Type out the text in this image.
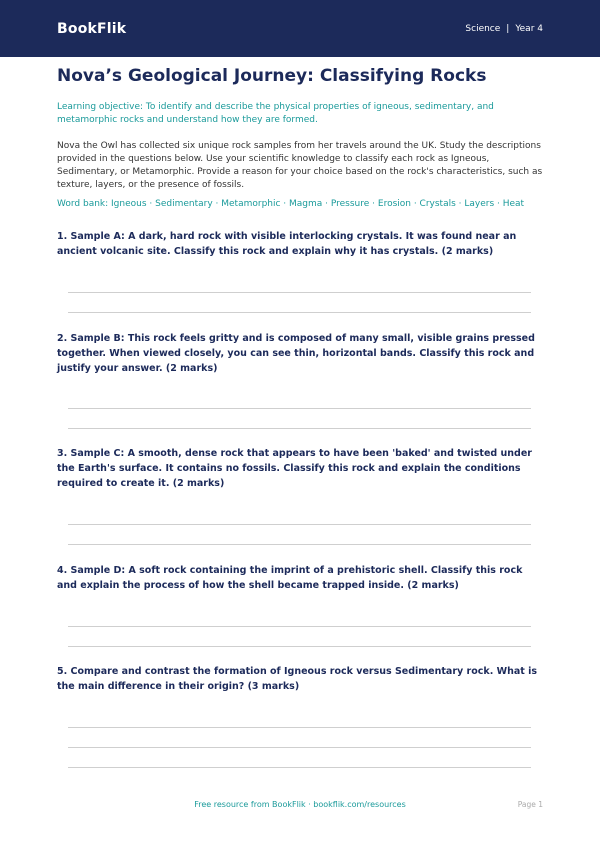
BookFlik	Science | Year 4
Nova’s Geological Journey: Classifying Rocks
Learning objective: To identify and describe the physical properties of igneous, sedimentary, and metamorphic rocks and understand how they are formed.
Nova the Owl has collected six unique rock samples from her travels around the UK. Study the descriptions provided in the questions below. Use your scientific knowledge to classify each rock as Igneous, Sedimentary, or Metamorphic. Provide a reason for your choice based on the rock's characteristics, such as texture, layers, or the presence of fossils.
Word bank: Igneous · Sedimentary · Metamorphic · Magma · Pressure · Erosion · Crystals · Layers · Heat
1. Sample A: A dark, hard rock with visible interlocking crystals. It was found near an ancient volcanic site. Classify this rock and explain why it has crystals. (2 marks)
2. Sample B: This rock feels gritty and is composed of many small, visible grains pressed together. When viewed closely, you can see thin, horizontal bands. Classify this rock and justify your answer. (2 marks)
3. Sample C: A smooth, dense rock that appears to have been 'baked' and twisted under the Earth's surface. It contains no fossils. Classify this rock and explain the conditions required to create it. (2 marks)
4. Sample D: A soft rock containing the imprint of a prehistoric shell. Classify this rock and explain the process of how the shell became trapped inside. (2 marks)
5. Compare and contrast the formation of Igneous rock versus Sedimentary rock. What is the main difference in their origin? (3 marks)
Free resource from BookFlik · bookflik.com/resources	Page 1
